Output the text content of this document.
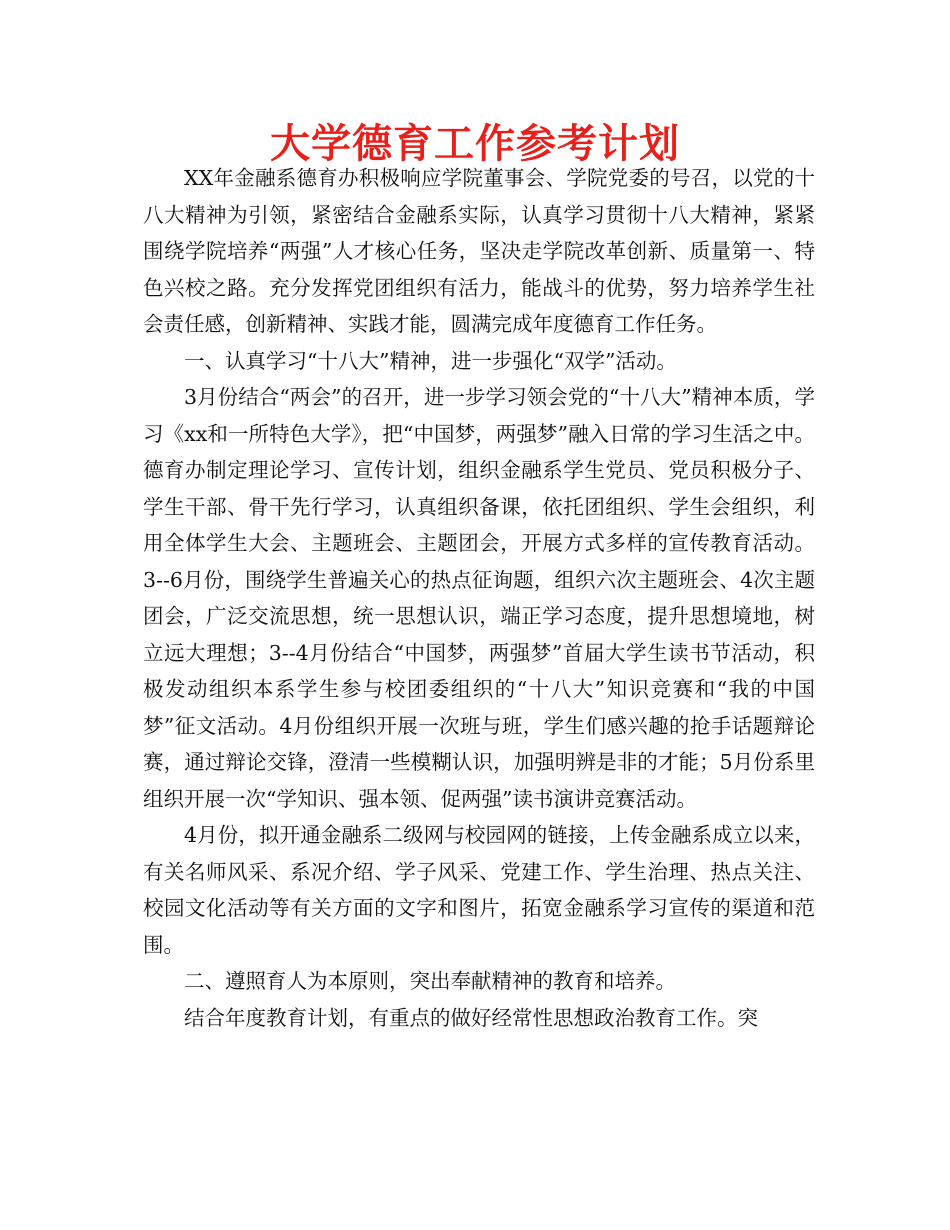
大学德育工作参考计划

XX年金融系德育办积极响应学院董事会、学院党委的号召，以党的十八大精神为引领，紧密结合金融系实际，认真学习贯彻十八大精神，紧紧围绕学院培养“两强”人才核心任务，坚决走学院改革创新、质量第一、特色兴校之路。充分发挥党团组织有活力，能战斗的优势，努力培养学生社会责任感，创新精神、实践才能，圆满完成年度德育工作任务。

一、认真学习“十八大”精神，进一步强化“双学”活动。

3月份结合“两会”的召开，进一步学习领会党的“十八大”精神本质，学习《xx和一所特色大学》，把“中国梦，两强梦”融入日常的学习生活之中。德育办制定理论学习、宣传计划，组织金融系学生党员、党员积极分子、学生干部、骨干先行学习，认真组织备课，依托团组织、学生会组织，利用全体学生大会、主题班会、主题团会，开展方式多样的宣传教育活动。3--6月份，围绕学生普遍关心的热点征询题，组织六次主题班会、4次主题团会，广泛交流思想，统一思想认识，端正学习态度，提升思想境地，树立远大理想；3--4月份结合“中国梦，两强梦”首届大学生读书节活动，积极发动组织本系学生参与校团委组织的“十八大”知识竞赛和“我的中国梦”征文活动。4月份组织开展一次班与班，学生们感兴趣的抢手话题辩论赛，通过辩论交锋，澄清一些模糊认识，加强明辨是非的才能；5月份系里组织开展一次“学知识、强本领、促两强”读书演讲竞赛活动。

4月份，拟开通金融系二级网与校园网的链接，上传金融系成立以来，有关名师风采、系况介绍、学子风采、党建工作、学生治理、热点关注、校园文化活动等有关方面的文字和图片，拓宽金融系学习宣传的渠道和范围。

二、遵照育人为本原则，突出奉献精神的教育和培养。

结合年度教育计划，有重点的做好经常性思想政治教育工作。突
